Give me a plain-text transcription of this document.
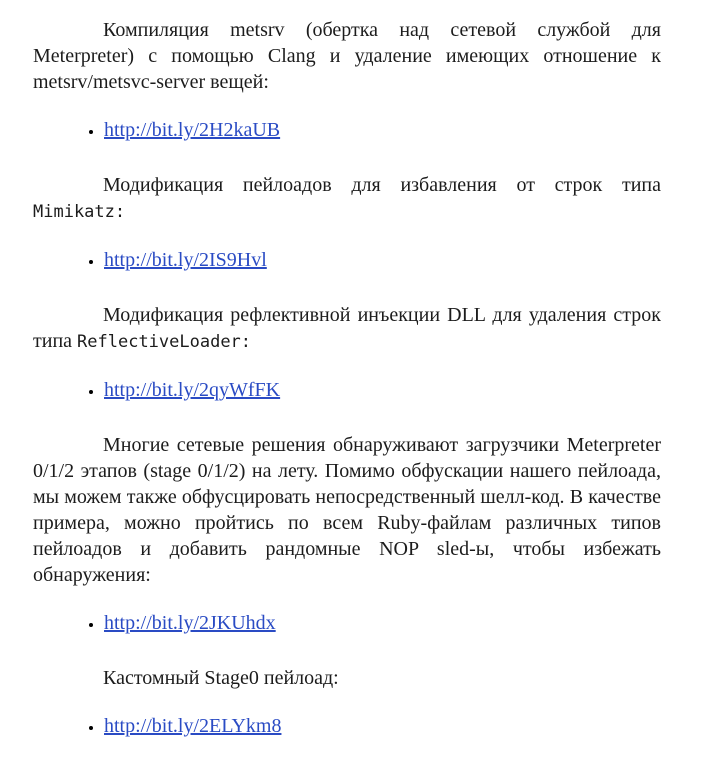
Компиляция metsrv (обертка над сетевой службой для Meterpreter) с помощью Clang и удаление имеющих отношение к metsrv/metsvc-server вещей:

• http://bit.ly/2H2kaUB

Модификация пейлоадов для избавления от строк типа Mimikatz:

• http://bit.ly/2IS9Hvl

Модификация рефлективной инъекции DLL для удаления строк типа ReflectiveLoader:

• http://bit.ly/2qyWfFK

Многие сетевые решения обнаруживают загрузчики Meterpreter 0/1/2 этапов (stage 0/1/2) на лету. Помимо обфускации нашего пейлоада, мы можем также обфусцировать непосредственный шелл-код. В качестве примера, можно пройтись по всем Ruby-файлам различных типов пейлоадов и добавить рандомные NOP sled-ы, чтобы избежать обнаружения:

• http://bit.ly/2JKUhdx

Кастомный Stage0 пейлоад:

• http://bit.ly/2ELYkm8
